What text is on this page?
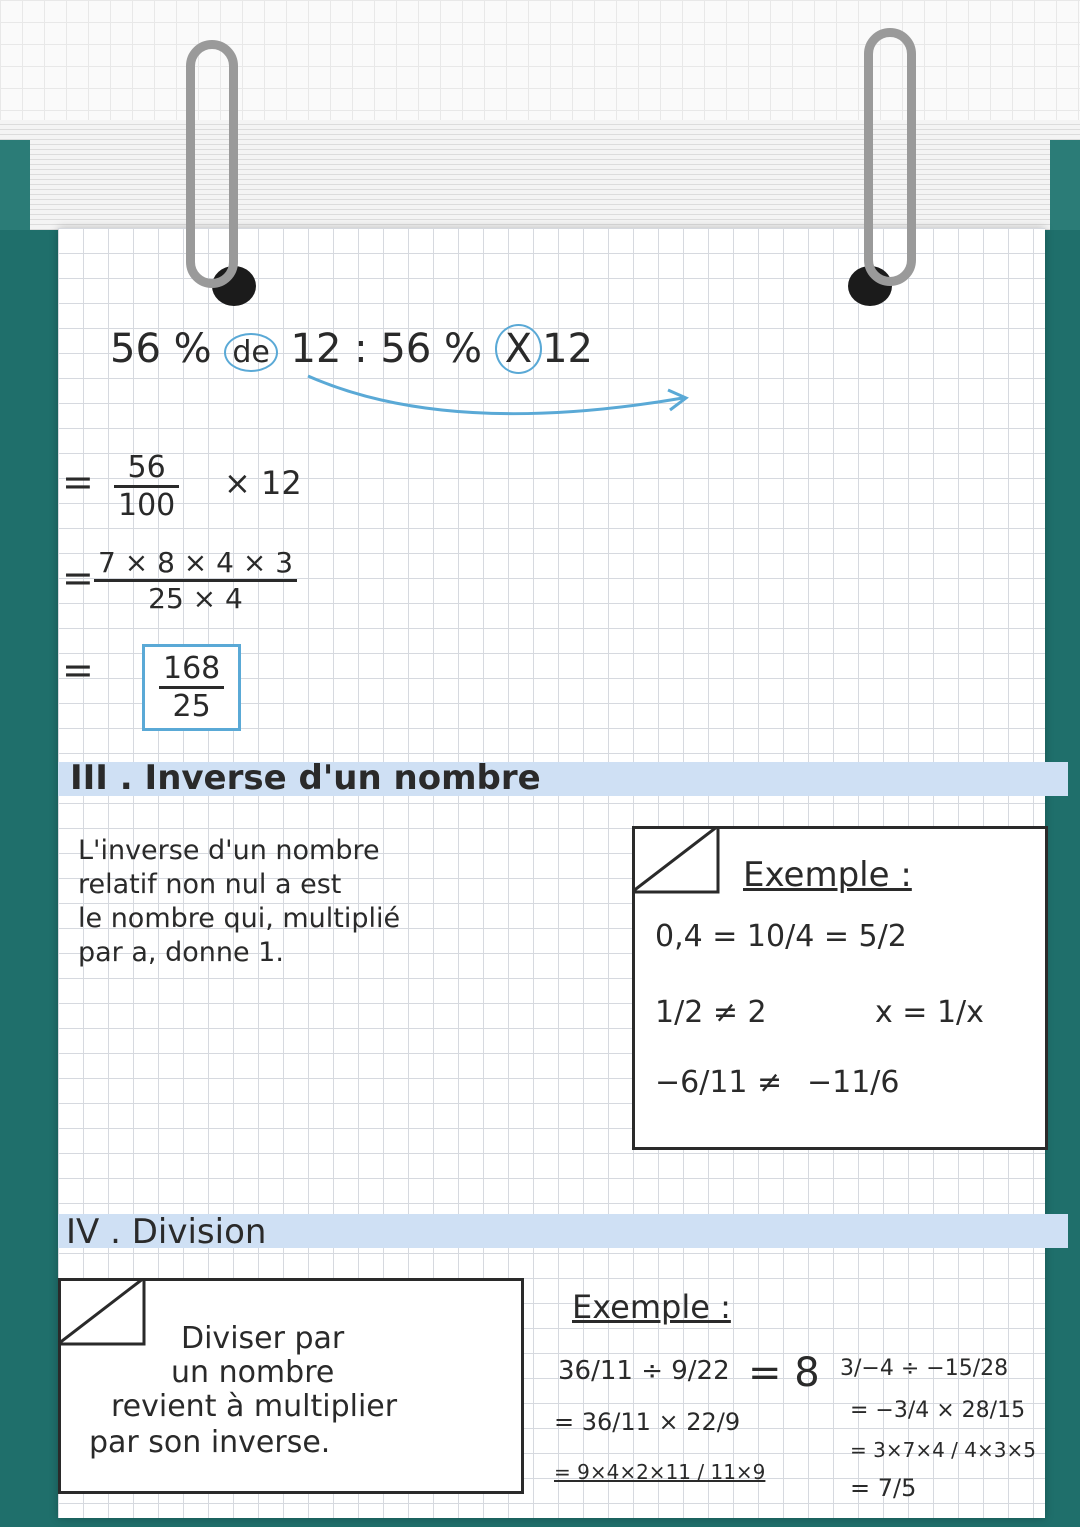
56 % de 12 : 56 % X 12
= $\frac{56}{100} \times 12$
= $\frac{7 \times 8 \times 4 \times 3}{25 \times 4}$
= $\frac{168}{25}$
III . Inverse d'un nombre
L'inverse d'un nombre
relatif non nul a est
le nombre qui, multiplié
par a, donne 1.
Exemple :
0,4 = 10/4 = 5/2
1/2 ≠ 2	x = 1/x
−6/11 ≠ −11/6
IV . Division
Diviser par
un nombre
revient à multiplier
par son inverse.
Exemple :
36/11 ÷ 9/22
= 36/11 × 22/9
= 9×4×2×11 / 11×9
= 8 3/−4 ÷ −15/28
= −3/4 × 28/15
= 3×7×4 / 4×3×5
= 7/5
